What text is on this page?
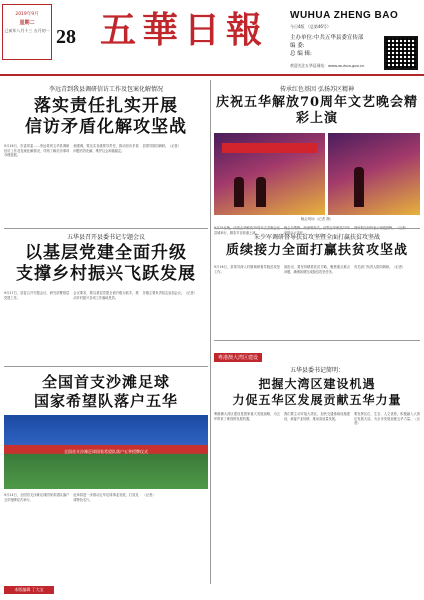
2019年9月
星期二
己亥年八月十三 五月初一 28 五華日報 WUHUA ZHENG BAO
今日4版 （总第46号）
主办单位:中共五华县委宣传部
编 委:
总 编 辑:
欢迎关注五华县网站：www.wuhua.gov.cn
李远青到我县调研信访工作及包案化解情况
落实责任扎实开展
信访矛盾化解攻坚战
9月16日，市委常委……李远青到五华县调研信访工作及包案化解情况，详细了解信访事项办理进展。
他强调，要压实各级领导责任，推动信访矛盾问题有效化解，维护社会和谐稳定。
县领导陪同调研。（记者）
传承红色基因 弘扬苏区精神
庆祝五华解放70周年文艺晚会精彩上演
晚会现场（记者 摄）
县城举行，精彩节目轮番上演。	来的巨大变化。
五华县召开县委书记专题会议
以基层党建全面升级
支撑乡村振兴飞跃发展
9月17日，县委召开专题会议，研究部署基层党建工作。
会议要求，要以基层党建全面升级为抓手，推动乡村振兴各项工作落地见效。
各镇主要负责同志参加会议。（记者）
朱少军调研督导扶贫攻坚暨全面打赢扶贫攻坚战
质续接力全面打赢扶贫攻坚战
9月16日，县领导深入村镇调研督导脱贫攻坚工作。
他指出，要坚持精准扶贫方略，聚焦重点难点问题，确保如期完成脱贫攻坚任务。
有关部门负责人陪同调研。（记者）
全国首支沙滩足球
国家希望队落户五华
全国首支沙滩足球国家希望队落户五华授牌仪式
9月14日，全国首支沙滩足球国家希望队落户五华授牌仪式举行。
此举将进一步推动五华足球事业发展，打造足球特色名片。
（记者）
粤港澳大湾区建设
五华县委书记简明：
把握大湾区建设机遇
力促五华区发展贡献五华力量
粤港澳大湾区建设是国家重大发展战略，为五华带来了难得的发展机遇。
我们要主动对接大湾区，加快交通基础设施建设，承接产业转移，推动高质量发展。
要发挥区位、生态、人文优势，积极融入大湾区发展大局，为全市发展贡献五华力量。（记者）
本版编辑 丁大宝
